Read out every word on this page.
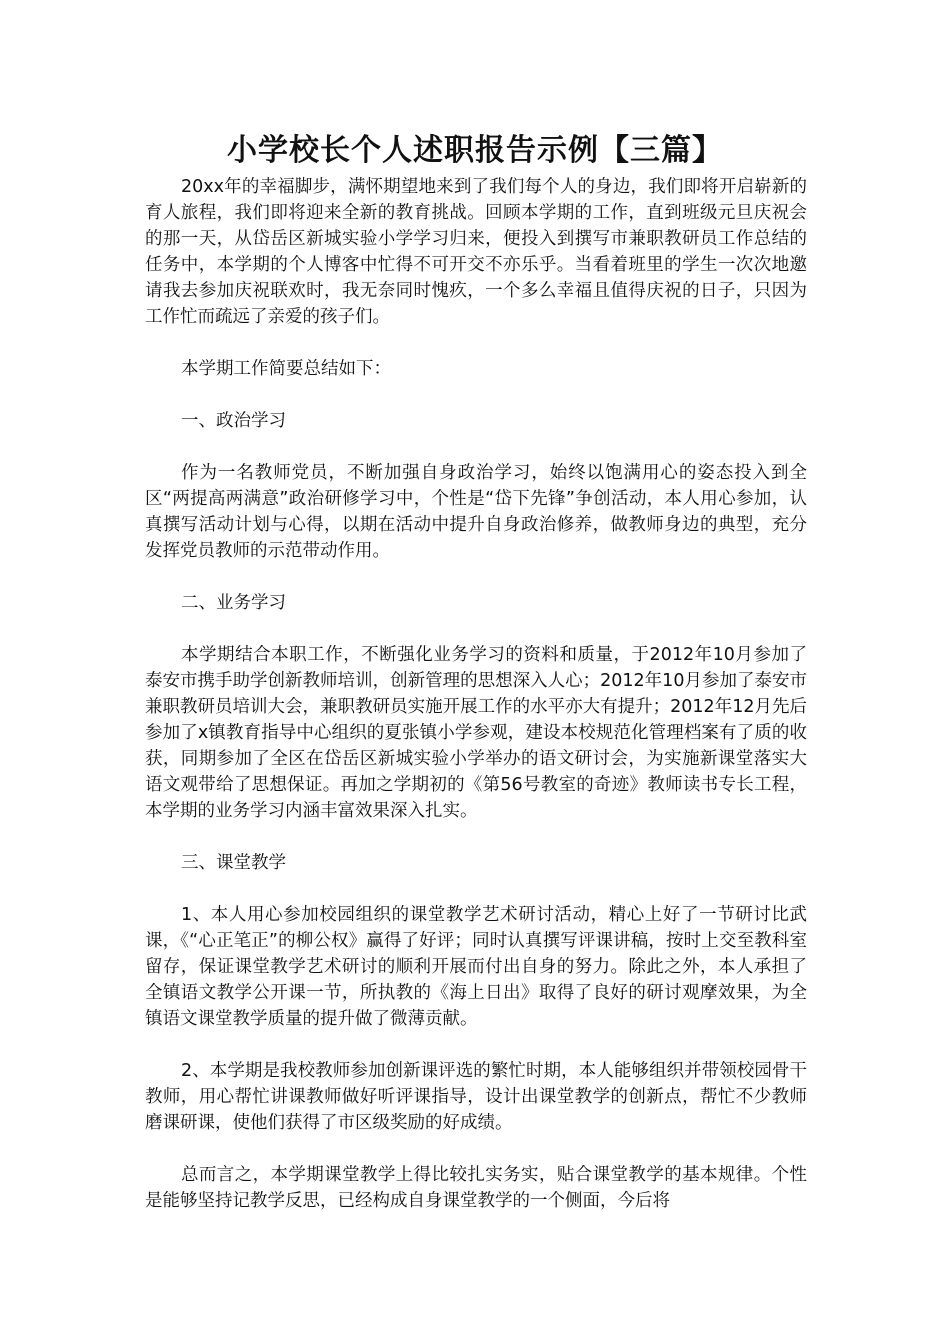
小学校长个人述职报告示例【三篇】

20xx年的幸福脚步，满怀期望地来到了我们每个人的身边，我们即将开启崭新的育人旅程，我们即将迎来全新的教育挑战。回顾本学期的工作，直到班级元旦庆祝会的那一天，从岱岳区新城实验小学学习归来，便投入到撰写市兼职教研员工作总结的任务中，本学期的个人博客中忙得不可开交不亦乐乎。当看着班里的学生一次次地邀请我去参加庆祝联欢时，我无奈同时愧疚，一个多么幸福且值得庆祝的日子，只因为工作忙而疏远了亲爱的孩子们。

本学期工作简要总结如下：

一、政治学习

作为一名教师党员，不断加强自身政治学习，始终以饱满用心的姿态投入到全区“两提高两满意”政治研修学习中，个性是“岱下先锋”争创活动，本人用心参加，认真撰写活动计划与心得，以期在活动中提升自身政治修养，做教师身边的典型，充分发挥党员教师的示范带动作用。

二、业务学习

本学期结合本职工作，不断强化业务学习的资料和质量，于2012年10月参加了泰安市携手助学创新教师培训，创新管理的思想深入人心；2012年10月参加了泰安市兼职教研员培训大会，兼职教研员实施开展工作的水平亦大有提升；2012年12月先后参加了x镇教育指导中心组织的夏张镇小学参观，建设本校规范化管理档案有了质的收获，同期参加了全区在岱岳区新城实验小学举办的语文研讨会，为实施新课堂落实大语文观带给了思想保证。再加之学期初的《第56号教室的奇迹》教师读书专长工程，本学期的业务学习内涵丰富效果深入扎实。

三、课堂教学

1、本人用心参加校园组织的课堂教学艺术研讨活动，精心上好了一节研讨比武课，《“心正笔正”的柳公权》赢得了好评；同时认真撰写评课讲稿，按时上交至教科室留存，保证课堂教学艺术研讨的顺利开展而付出自身的努力。除此之外，本人承担了全镇语文教学公开课一节，所执教的《海上日出》取得了良好的研讨观摩效果，为全镇语文课堂教学质量的提升做了微薄贡献。

2、本学期是我校教师参加创新课评选的繁忙时期，本人能够组织并带领校园骨干教师，用心帮忙讲课教师做好听评课指导，设计出课堂教学的创新点，帮忙不少教师磨课研课，使他们获得了市区级奖励的好成绩。

总而言之，本学期课堂教学上得比较扎实务实，贴合课堂教学的基本规律。个性是能够坚持记教学反思，已经构成自身课堂教学的一个侧面，今后将
